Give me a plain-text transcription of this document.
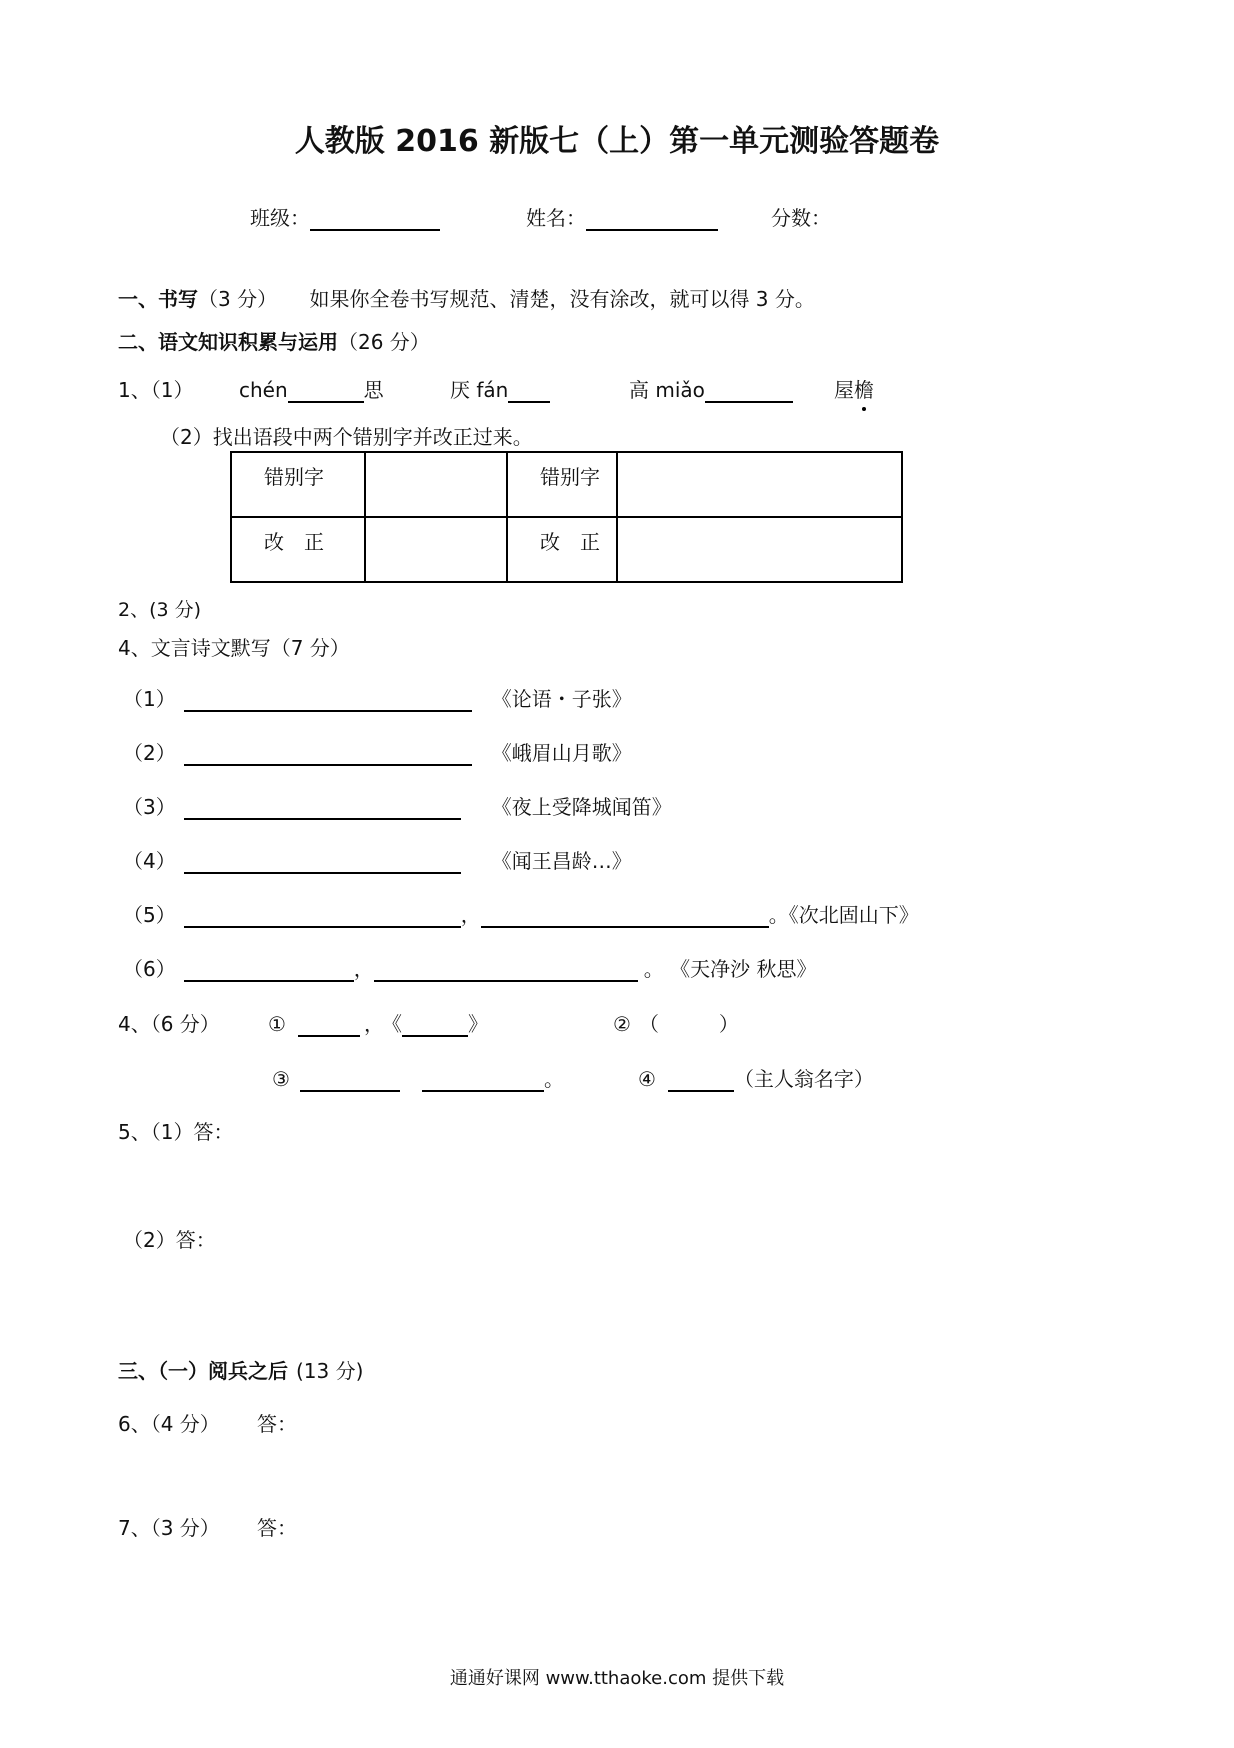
人教版 2016 新版七（上）第一单元测验答题卷
班级：	姓名：	分数：
一、书写（3 分） 如果你全卷书写规范、清楚，没有涂改，就可以得 3 分。
二、语文知识积累与运用（26 分）
1、（1） chén	思	厌 fán	高 miǎo	屋檐
（2）找出语段中两个错别字并改正过来。
错别字		错别字	
改　正		改　正	
2、(3 分)
4、文言诗文默写（7 分）
（1）	《论语・子张》
（2）	《峨眉山月歌》
（3）	《夜上受降城闻笛》
（4）	《闻王昌龄…》
（5）	，	。《次北固山下》
（6）	，	。 《天净沙 秋思》
4、（6 分） ①	， 《	》	② （　　　）
③	。	④	（主人翁名字）
5、（1）答：
（2）答：
三、（一）阅兵之后 (13 分)
6、（4 分） 答：
7、（3 分） 答：
通通好课网 www.tthaoke.com 提供下载
